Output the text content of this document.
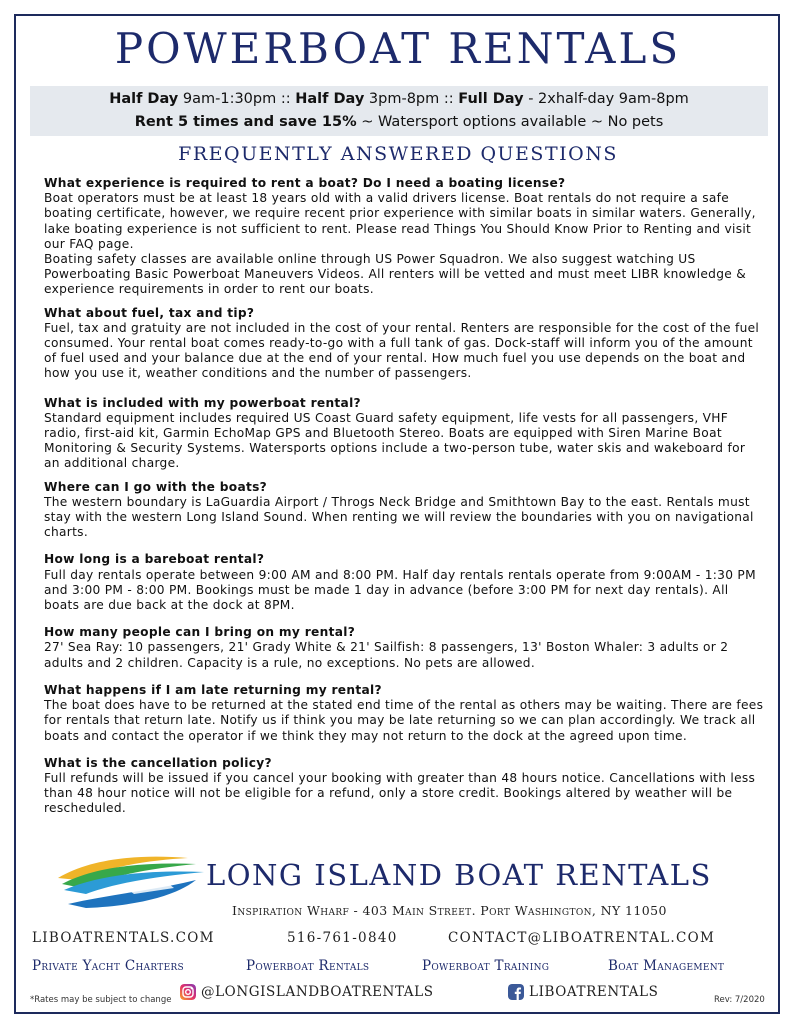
POWERBOAT RENTALS
Half Day 9am-1:30pm :: Half Day 3pm-8pm :: Full Day - 2xhalf-day 9am-8pm
Rent 5 times and save 15% ~ Watersport options available ~ No pets
FREQUENTLY ANSWERED QUESTIONS

What experience is required to rent a boat? Do I need a boating license?

Boat operators must be at least 18 years old with a valid drivers license. Boat rentals do not require a safe boating certificate, however, we require recent prior experience with similar boats in similar waters. Generally, lake boating experience is not sufficient to rent. Please read Things You Should Know Prior to Renting and visit our FAQ page.

Boating safety classes are available online through US Power Squadron. We also suggest watching US Powerboating Basic Powerboat Maneuvers Videos. All renters will be vetted and must meet LIBR knowledge & experience requirements in order to rent our boats.

What about fuel, tax and tip?

Fuel, tax and gratuity are not included in the cost of your rental. Renters are responsible for the cost of the fuel consumed. Your rental boat comes ready-to-go with a full tank of gas. Dock-staff will inform you of the amount of fuel used and your balance due at the end of your rental. How much fuel you use depends on the boat and how you use it, weather conditions and the number of passengers.

What is included with my powerboat rental?

Standard equipment includes required US Coast Guard safety equipment, life vests for all passengers, VHF radio, first-aid kit, Garmin EchoMap GPS and Bluetooth Stereo. Boats are equipped with Siren Marine Boat Monitoring & Security Systems. Watersports options include a two-person tube, water skis and wakeboard for an additional charge.

Where can I go with the boats?

The western boundary is LaGuardia Airport / Throgs Neck Bridge and Smithtown Bay to the east. Rentals must stay with the western Long Island Sound. When renting we will review the boundaries with you on navigational charts.

How long is a bareboat rental?

Full day rentals operate between 9:00 AM and 8:00 PM. Half day rentals rentals operate from 9:00AM - 1:30 PM and 3:00 PM - 8:00 PM. Bookings must be made 1 day in advance (before 3:00 PM for next day rentals). All boats are due back at the dock at 8PM.

How many people can I bring on my rental?

27' Sea Ray: 10 passengers, 21' Grady White & 21' Sailfish: 8 passengers, 13' Boston Whaler: 3 adults or 2 adults and 2 children. Capacity is a rule, no exceptions. No pets are allowed.

What happens if I am late returning my rental?

The boat does have to be returned at the stated end time of the rental as others may be waiting. There are fees for rentals that return late. Notify us if think you may be late returning so we can plan accordingly. We track all boats and contact the operator if we think they may not return to the dock at the agreed upon time.

What is the cancellation policy?

Full refunds will be issued if you cancel your booking with greater than 48 hours notice. Cancellations with less than 48 hour notice will not be eligible for a refund, only a store credit. Bookings altered by weather will be rescheduled.

LONG ISLAND BOAT RENTALS
Inspiration Wharf - 403 Main Street. Port Washington, NY 11050
LIBOATRENTALS.COM	516-761-0840	CONTACT@LIBOATRENTAL.COM
Private Yacht Charters	Powerboat Rentals	Powerboat Training	Boat Management
@LONGISLANDBOATRENTALS	LIBOATRENTALS
*Rates may be subject to change	Rev: 7/2020
